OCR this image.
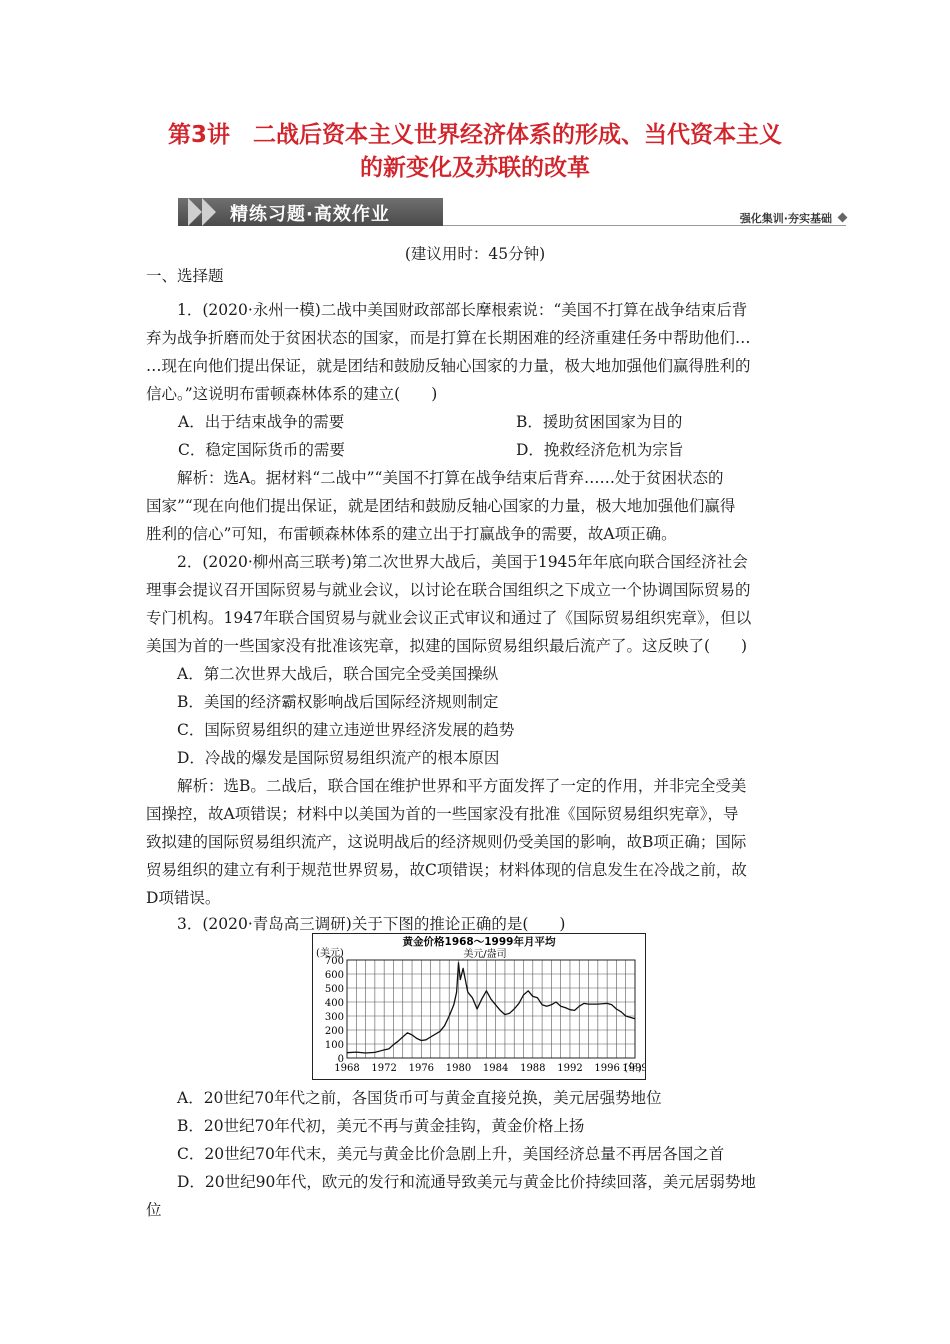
第3讲　二战后资本主义世界经济体系的形成、当代资本主义
的新变化及苏联的改革
精练习题·高效作业	强化集训·夯实基础
(建议用时：45分钟)
一、选择题
　　1．(2020·永州一模)二战中美国财政部部长摩根索说：“美国不打算在战争结束后背
弃为战争折磨而处于贫困状态的国家，而是打算在长期困难的经济重建任务中帮助他们…
…现在向他们提出保证，就是团结和鼓励反轴心国家的力量，极大地加强他们赢得胜利的
信心。”这说明布雷顿森林体系的建立(　　)
A．出于结束战争的需要	B．援助贫困国家为目的
C．稳定国际货币的需要	D．挽救经济危机为宗旨
　　解析：选A。据材料“二战中”“美国不打算在战争结束后背弃……处于贫困状态的
国家”“现在向他们提出保证，就是团结和鼓励反轴心国家的力量，极大地加强他们赢得
胜利的信心”可知，布雷顿森林体系的建立出于打赢战争的需要，故A项正确。
　　2．(2020·柳州高三联考)第二次世界大战后，美国于1945年年底向联合国经济社会
理事会提议召开国际贸易与就业会议，以讨论在联合国组织之下成立一个协调国际贸易的
专门机构。1947年联合国贸易与就业会议正式审议和通过了《国际贸易组织宪章》，但以
美国为首的一些国家没有批准该宪章，拟建的国际贸易组织最后流产了。这反映了(　　)
　　A．第二次世界大战后，联合国完全受美国操纵
　　B．美国的经济霸权影响战后国际经济规则制定
　　C．国际贸易组织的建立违逆世界经济发展的趋势
　　D．冷战的爆发是国际贸易组织流产的根本原因
　　解析：选B。二战后，联合国在维护世界和平方面发挥了一定的作用，并非完全受美
国操控，故A项错误；材料中以美国为首的一些国家没有批准《国际贸易组织宪章》，导
致拟建的国际贸易组织流产，这说明战后的经济规则仍受美国的影响，故B项正确；国际
贸易组织的建立有利于规范世界贸易，故C项错误；材料体现的信息发生在冷战之前，故
D项错误。
　　3．(2020·青岛高三调研)关于下图的推论正确的是(　　)
0
100
200
300
400
500
600
700
1968 1972 1976 1980 1984 1988 1992 1996 1999
(美元)
(年)
黄金价格1968～1999年月平均
美元/盎司
　　A．20世纪70年代之前，各国货币可与黄金直接兑换，美元居强势地位
　　B．20世纪70年代初，美元不再与黄金挂钩，黄金价格上扬
　　C．20世纪70年代末，美元与黄金比价急剧上升，美国经济总量不再居各国之首
　　D．20世纪90年代，欧元的发行和流通导致美元与黄金比价持续回落，美元居弱势地
位
